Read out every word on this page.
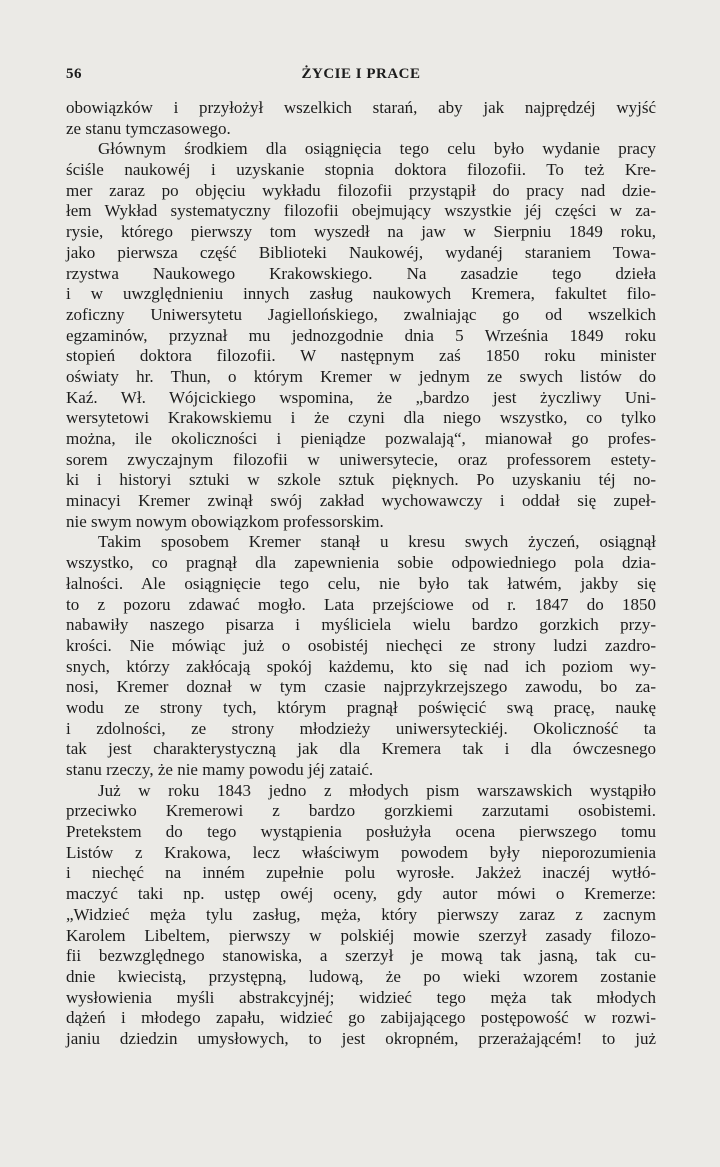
56	ŻYCIE I PRACE
obowiązków i przyłożył wszelkich starań, aby jak najprędzéj wyjść
ze stanu tymczasowego.
Głównym środkiem dla osiągnięcia tego celu było wydanie pracy
ściśle naukowéj i uzyskanie stopnia doktora filozofii. To też Kre-
mer zaraz po objęciu wykładu filozofii przystąpił do pracy nad dzie-
łem Wykład systematyczny filozofii obejmujący wszystkie jéj części w za-
rysie, którego pierwszy tom wyszedł na jaw w Sierpniu 1849 roku,
jako pierwsza część Biblioteki Naukowéj, wydanéj staraniem Towa-
rzystwa Naukowego Krakowskiego. Na zasadzie tego dzieła
i w uwzględnieniu innych zasług naukowych Kremera, fakultet filo-
zoficzny Uniwersytetu Jagiellońskiego, zwalniając go od wszelkich
egzaminów, przyznał mu jednozgodnie dnia 5 Września 1849 roku
stopień doktora filozofii. W następnym zaś 1850 roku minister
oświaty hr. Thun, o którym Kremer w jednym ze swych listów do
Kaź. Wł. Wójcickiego wspomina, że „bardzo jest życzliwy Uni-
wersytetowi Krakowskiemu i że czyni dla niego wszystko, co tylko
można, ile okoliczności i pieniądze pozwalają“, mianował go profes-
sorem zwyczajnym filozofii w uniwersytecie, oraz professorem estety-
ki i historyi sztuki w szkole sztuk pięknych. Po uzyskaniu téj no-
minacyi Kremer zwinął swój zakład wychowawczy i oddał się zupeł-
nie swym nowym obowiązkom professorskim.
Takim sposobem Kremer stanął u kresu swych życzeń, osiągnął
wszystko, co pragnął dla zapewnienia sobie odpowiedniego pola dzia-
łalności. Ale osiągnięcie tego celu, nie było tak łatwém, jakby się
to z pozoru zdawać mogło. Lata przejściowe od r. 1847 do 1850
nabawiły naszego pisarza i myśliciela wielu bardzo gorzkich przy-
krości. Nie mówiąc już o osobistéj niechęci ze strony ludzi zazdro-
snych, którzy zakłócają spokój każdemu, kto się nad ich poziom wy-
nosi, Kremer doznał w tym czasie najprzykrzejszego zawodu, bo za-
wodu ze strony tych, którym pragnął poświęcić swą pracę, naukę
i zdolności, ze strony młodzieży uniwersyteckiéj. Okoliczność ta
tak jest charakterystyczną jak dla Kremera tak i dla ówczesnego
stanu rzeczy, że nie mamy powodu jéj zataić.
Już w roku 1843 jedno z młodych pism warszawskich wystąpiło
przeciwko Kremerowi z bardzo gorzkiemi zarzutami osobistemi.
Pretekstem do tego wystąpienia posłużyła ocena pierwszego tomu
Listów z Krakowa, lecz właściwym powodem były nieporozumienia
i niechęć na inném zupełnie polu wyrosłe. Jakżeż inaczéj wytłó-
maczyć taki np. ustęp owéj oceny, gdy autor mówi o Kremerze:
„Widzieć męża tylu zasług, męża, który pierwszy zaraz z zacnym
Karolem Libeltem, pierwszy w polskiéj mowie szerzył zasady filozo-
fii bezwzględnego stanowiska, a szerzył je mową tak jasną, tak cu-
dnie kwiecistą, przystępną, ludową, że po wieki wzorem zostanie
wysłowienia myśli abstrakcyjnéj; widzieć tego męża tak młodych
dążeń i młodego zapału, widzieć go zabijającego postępowość w rozwi-
janiu dziedzin umysłowych, to jest okropném, przerażającém! to już
